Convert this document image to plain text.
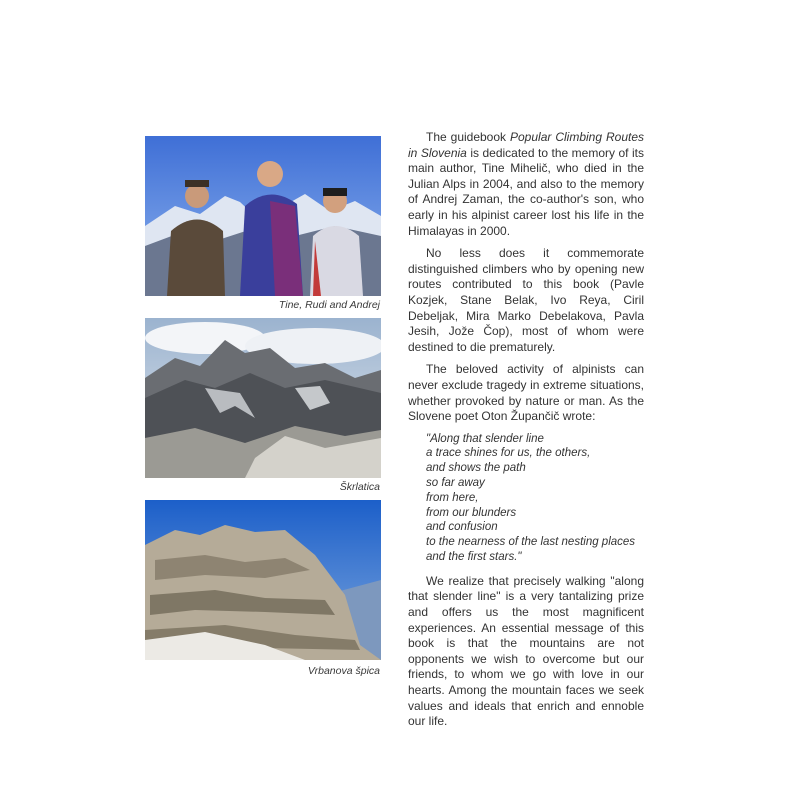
Tine, Rudi and Andrej
Škrlatica
Vrbanova špica

The guidebook Popular Climbing Routes in Slovenia is dedicated to the memory of its main author, Tine Mihelič, who died in the Julian Alps in 2004, and also to the memory of Andrej Zaman, the co-author's son, who early in his alpinist career lost his life in the Himalayas in 2000.

No less does it commemorate distinguished climbers who by opening new routes contributed to this book (Pavle Kozjek, Stane Belak, Ivo Reya, Ciril Debeljak, Mira Marko Debelakova, Pavla Jesih, Jože Čop), most of whom were destined to die prematurely.

The beloved activity of alpinists can never exclude tragedy in extreme situations, whether provoked by nature or man. As the Slovene poet Oton Župančič wrote:

"Along that slender line
a trace shines for us, the others,
and shows the path
so far away
from here,
from our blunders
and confusion
to the nearness of the last nesting places
and the first stars."

We realize that precisely walking "along that slender line" is a very tantalizing prize and offers us the most magnificent experiences. An essential message of this book is that the mountains are not opponents we wish to overcome but our friends, to whom we go with love in our hearts. Among the mountain faces we seek values and ideals that enrich and ennoble our life.
